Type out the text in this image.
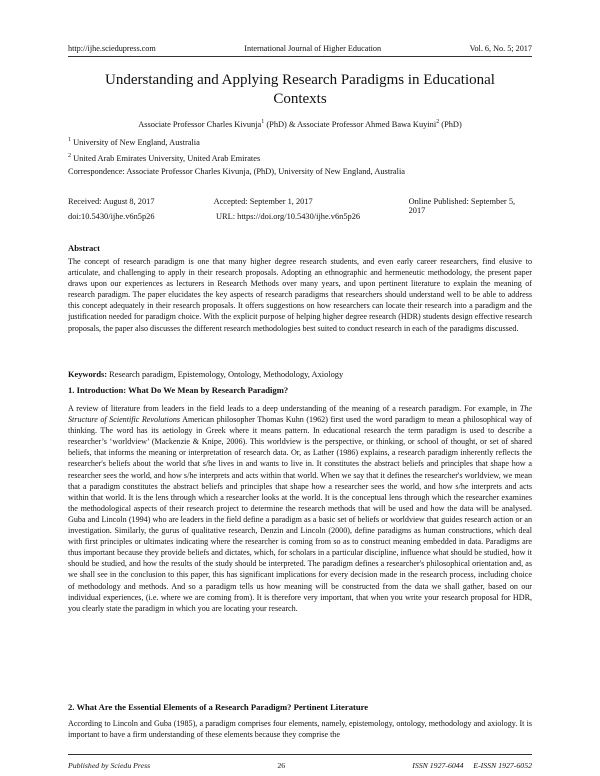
http://ijhe.sciedupress.com	International Journal of Higher Education	Vol. 6, No. 5; 2017
Understanding and Applying Research Paradigms in Educational
Contexts
Associate Professor Charles Kivunja$^1$ (PhD) & Associate Professor Ahmed Bawa Kuyini$^2$ (PhD)
$^1$ University of New England, Australia
$^2$ United Arab Emirates University, United Arab Emirates
Correspondence: Associate Professor Charles Kivunja, (PhD), University of New England, Australia
Received: August 8, 2017	Accepted: September 1, 2017	Online Published: September 5, 2017
doi:10.5430/ijhe.v6n5p26	URL: https://doi.org/10.5430/ijhe.v6n5p26
Abstract

The concept of research paradigm is one that many higher degree research students, and even early career researchers, find elusive to articulate, and challenging to apply in their research proposals. Adopting an ethnographic and hermeneutic methodology, the present paper draws upon our experiences as lecturers in Research Methods over many years, and upon pertinent literature to explain the meaning of research paradigm. The paper elucidates the key aspects of research paradigms that researchers should understand well to be able to address this concept adequately in their research proposals. It offers suggestions on how researchers can locate their research into a paradigm and the justification needed for paradigm choice. With the explicit purpose of helping higher degree research (HDR) students design effective research proposals, the paper also discusses the different research methodologies best suited to conduct research in each of the paradigms discussed.

Keywords: Research paradigm, Epistemology, Ontology, Methodology, Axiology
1. Introduction: What Do We Mean by Research Paradigm?

A review of literature from leaders in the field leads to a deep understanding of the meaning of a research paradigm. For example, in The Structure of Scientific Revolutions American philosopher Thomas Kuhn (1962) first used the word paradigm to mean a philosophical way of thinking. The word has its aetiology in Greek where it means pattern. In educational research the term paradigm is used to describe a researcher’s ‘worldview’ (Mackenzie & Knipe, 2006). This worldview is the perspective, or thinking, or school of thought, or set of shared beliefs, that informs the meaning or interpretation of research data. Or, as Lather (1986) explains, a research paradigm inherently reflects the researcher's beliefs about the world that s/he lives in and wants to live in. It constitutes the abstract beliefs and principles that shape how a researcher sees the world, and how s/he interprets and acts within that world. When we say that it defines the researcher's worldview, we mean that a paradigm constitutes the abstract beliefs and principles that shape how a researcher sees the world, and how s/he interprets and acts within that world. It is the lens through which a researcher looks at the world. It is the conceptual lens through which the researcher examines the methodological aspects of their research project to determine the research methods that will be used and how the data will be analysed. Guba and Lincoln (1994) who are leaders in the field define a paradigm as a basic set of beliefs or worldview that guides research action or an investigation. Similarly, the gurus of qualitative research, Denzin and Lincoln (2000), define paradigms as human constructions, which deal with first principles or ultimates indicating where the researcher is coming from so as to construct meaning embedded in data. Paradigms are thus important because they provide beliefs and dictates, which, for scholars in a particular discipline, influence what should be studied, how it should be studied, and how the results of the study should be interpreted. The paradigm defines a researcher's philosophical orientation and, as we shall see in the conclusion to this paper, this has significant implications for every decision made in the research process, including choice of methodology and methods. And so a paradigm tells us how meaning will be constructed from the data we shall gather, based on our individual experiences, (i.e. where we are coming from). It is therefore very important, that when you write your research proposal for HDR, you clearly state the paradigm in which you are locating your research.

2. What Are the Essential Elements of a Research Paradigm? Pertinent Literature

According to Lincoln and Guba (1985), a paradigm comprises four elements, namely, epistemology, ontology, methodology and axiology. It is important to have a firm understanding of these elements because they comprise the

Published by Sciedu Press	26	ISSN 1927-6044     E-ISSN 1927-6052
